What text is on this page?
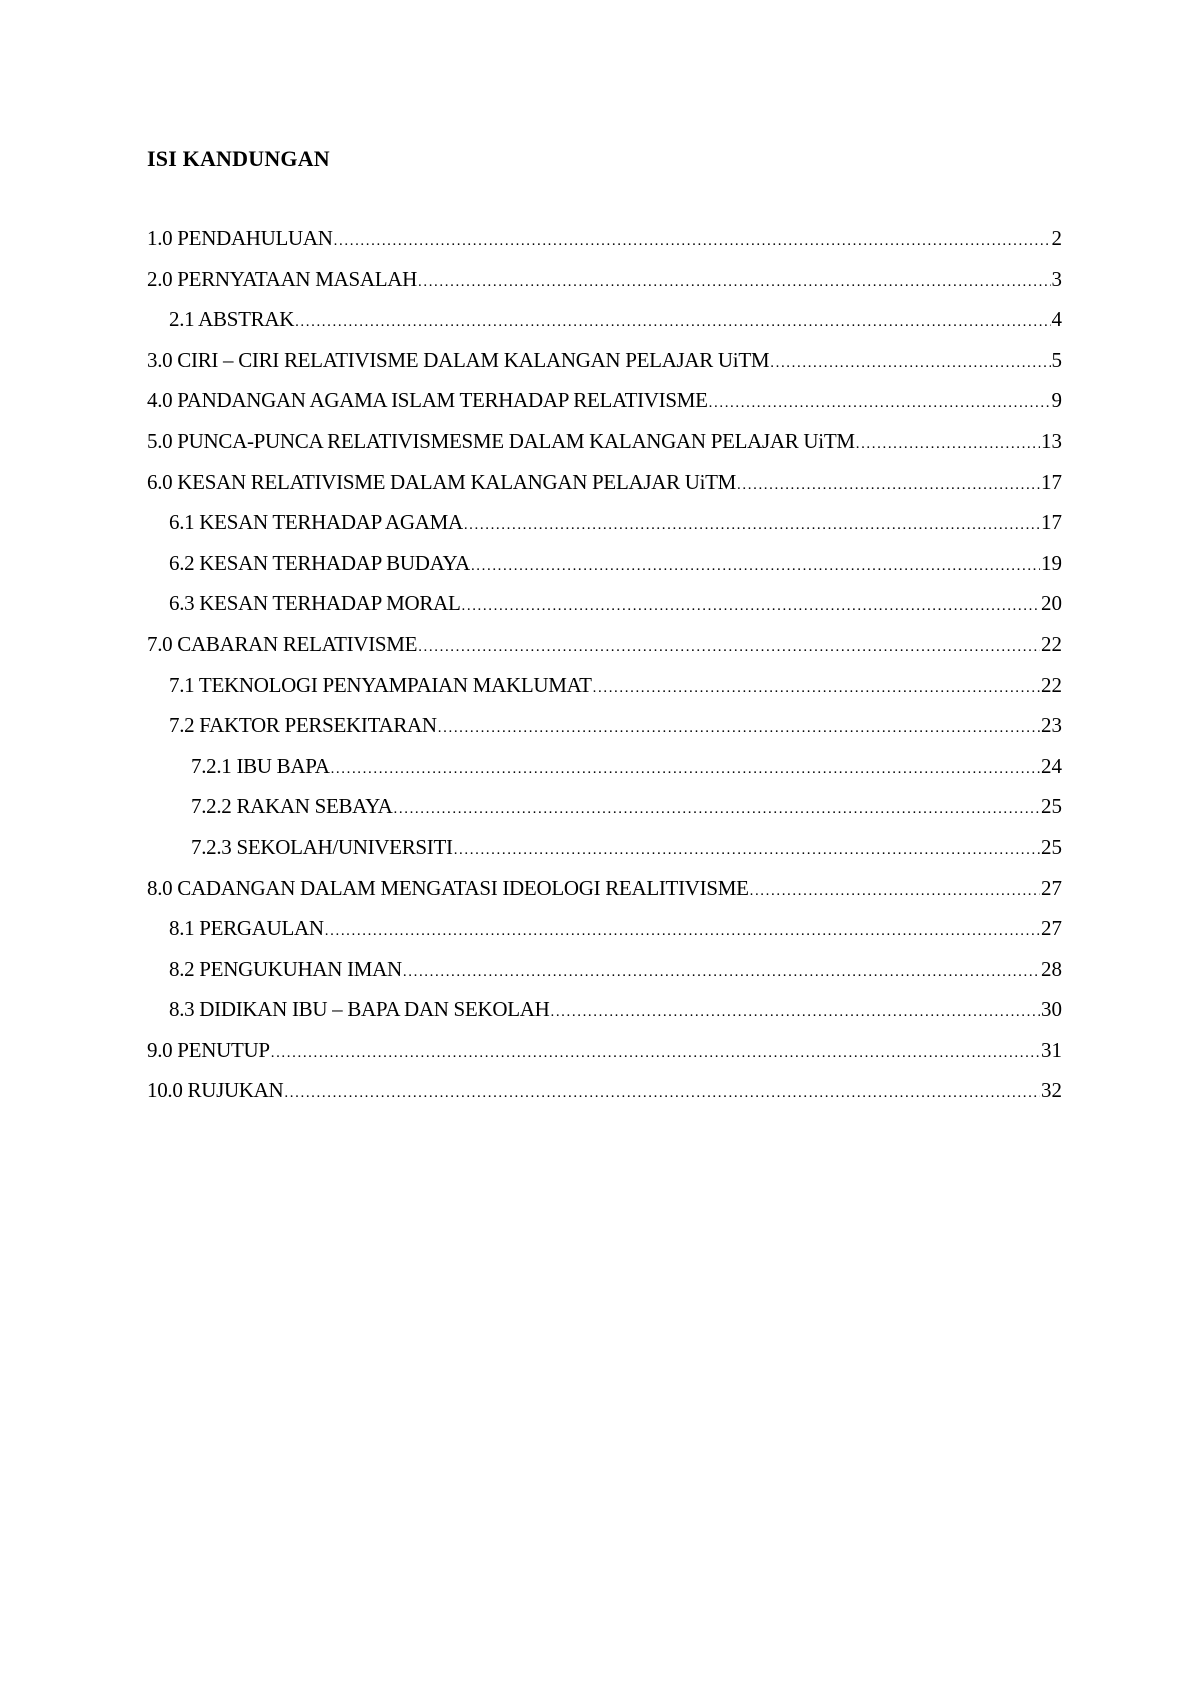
ISI KANDUNGAN
1.0 PENDAHULUAN .....	2
2.0 PERNYATAAN MASALAH .....	3
2.1 ABSTRAK .....	4
3.0 CIRI – CIRI RELATIVISME DALAM KALANGAN PELAJAR UiTM .....	5
4.0 PANDANGAN AGAMA ISLAM TERHADAP RELATIVISME .....	9
5.0 PUNCA-PUNCA RELATIVISMESME DALAM KALANGAN PELAJAR UiTM .....	13
6.0 KESAN RELATIVISME DALAM KALANGAN PELAJAR UiTM .....	17
6.1 KESAN TERHADAP AGAMA .....	17
6.2 KESAN TERHADAP BUDAYA .....	19
6.3 KESAN TERHADAP MORAL .....	20
7.0 CABARAN RELATIVISME .....	22
7.1 TEKNOLOGI PENYAMPAIAN MAKLUMAT .....	22
7.2 FAKTOR PERSEKITARAN .....	23
7.2.1 IBU BAPA .....	24
7.2.2 RAKAN SEBAYA .....	25
7.2.3 SEKOLAH/UNIVERSITI .....	25
8.0 CADANGAN DALAM MENGATASI IDEOLOGI REALITIVISME .....	27
8.1 PERGAULAN .....	27
8.2 PENGUKUHAN IMAN .....	28
8.3 DIDIKAN IBU – BAPA DAN SEKOLAH .....	30
9.0 PENUTUP .....	31
10.0 RUJUKAN .....	32
